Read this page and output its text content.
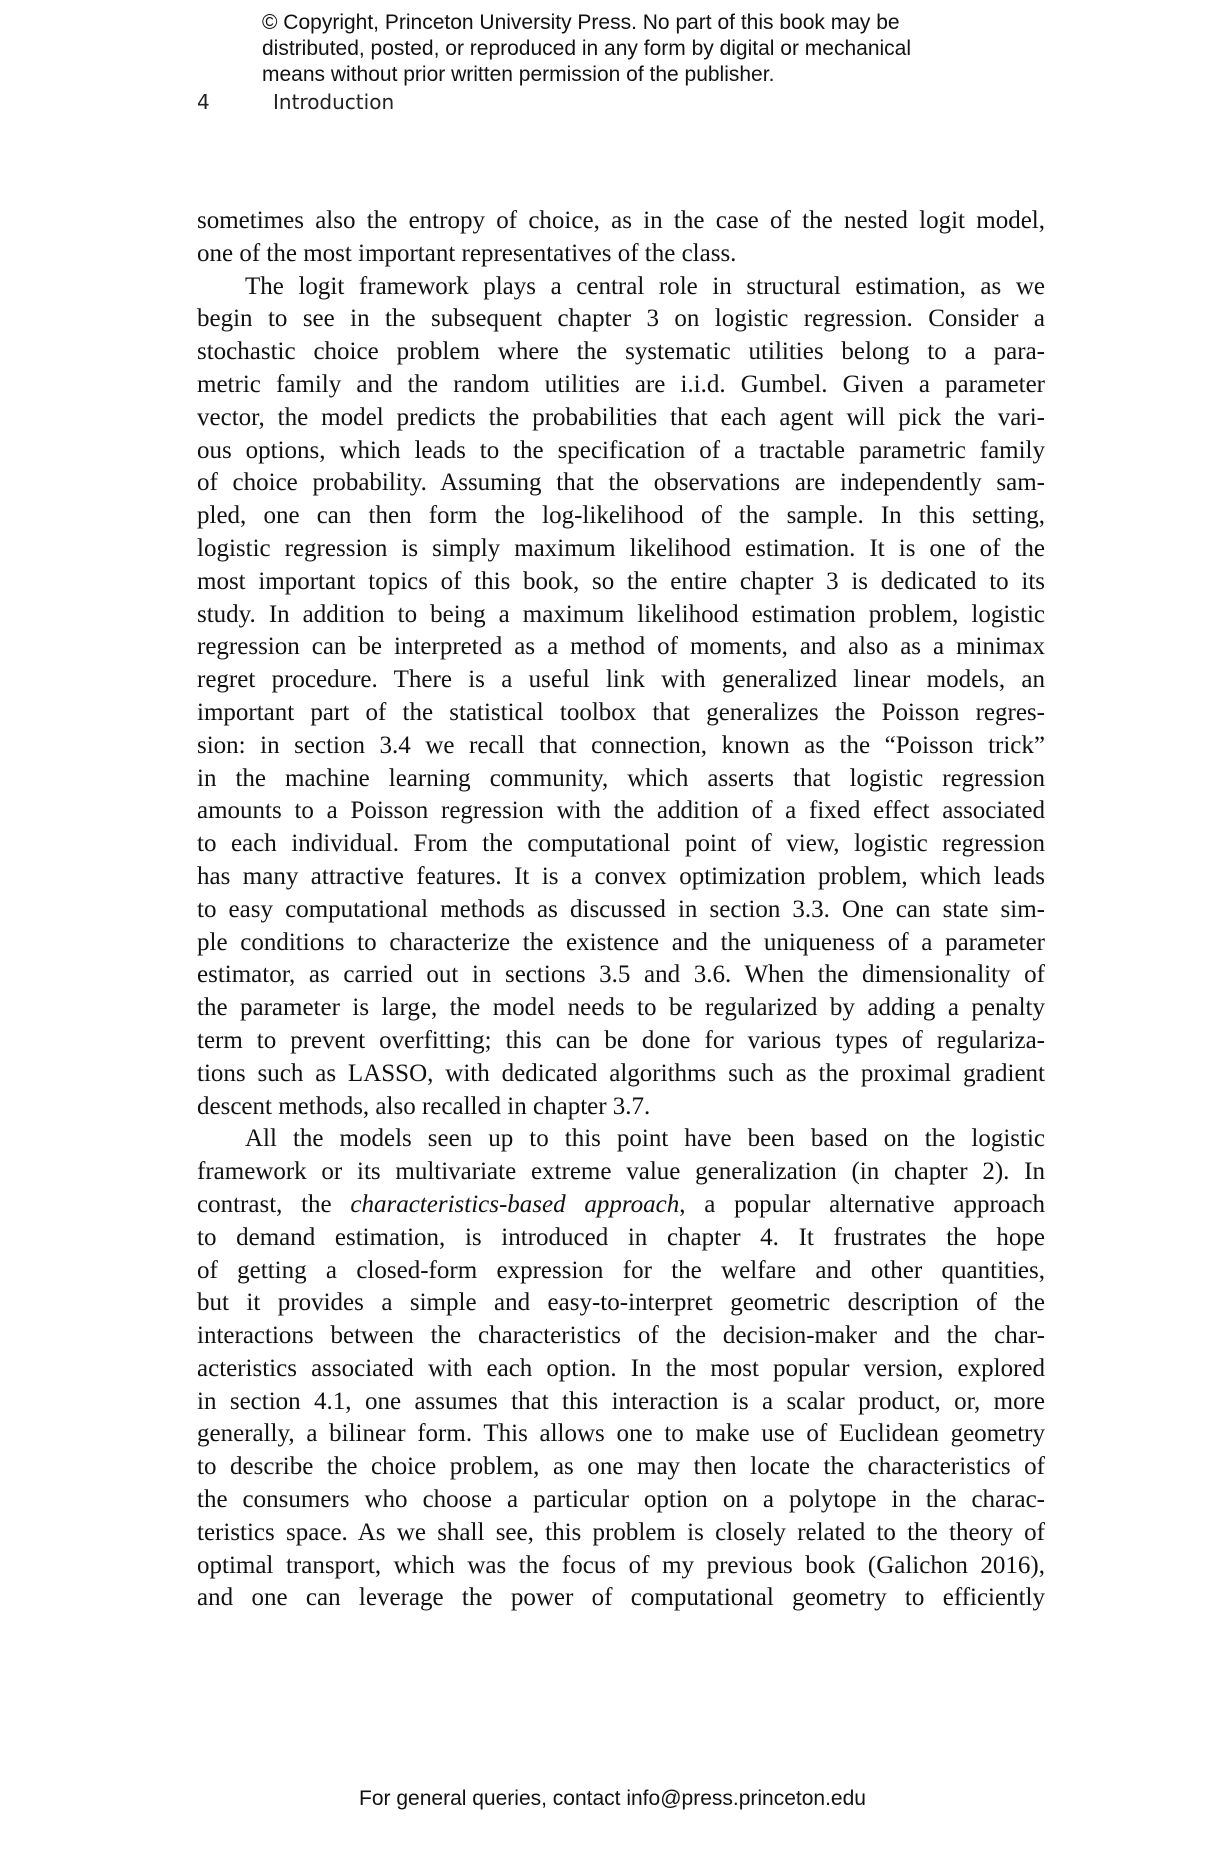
© Copyright, Princeton University Press. No part of this book may be
distributed, posted, or reproduced in any form by digital or mechanical
means without prior written permission of the publisher.
4	Introduction
sometimes also the entropy of choice, as in the case of the nested logit model,
one of the most important representatives of the class.
The logit framework plays a central role in structural estimation, as we
begin to see in the subsequent chapter 3 on logistic regression. Consider a
stochastic choice problem where the systematic utilities belong to a para-
metric family and the random utilities are i.i.d. Gumbel. Given a parameter
vector, the model predicts the probabilities that each agent will pick the vari-
ous options, which leads to the specification of a tractable parametric family
of choice probability. Assuming that the observations are independently sam-
pled, one can then form the log-likelihood of the sample. In this setting,
logistic regression is simply maximum likelihood estimation. It is one of the
most important topics of this book, so the entire chapter 3 is dedicated to its
study. In addition to being a maximum likelihood estimation problem, logistic
regression can be interpreted as a method of moments, and also as a minimax
regret procedure. There is a useful link with generalized linear models, an
important part of the statistical toolbox that generalizes the Poisson regres-
sion: in section 3.4 we recall that connection, known as the “Poisson trick”
in the machine learning community, which asserts that logistic regression
amounts to a Poisson regression with the addition of a fixed effect associated
to each individual. From the computational point of view, logistic regression
has many attractive features. It is a convex optimization problem, which leads
to easy computational methods as discussed in section 3.3. One can state sim-
ple conditions to characterize the existence and the uniqueness of a parameter
estimator, as carried out in sections 3.5 and 3.6. When the dimensionality of
the parameter is large, the model needs to be regularized by adding a penalty
term to prevent overfitting; this can be done for various types of regulariza-
tions such as LASSO, with dedicated algorithms such as the proximal gradient
descent methods, also recalled in chapter 3.7.
All the models seen up to this point have been based on the logistic
framework or its multivariate extreme value generalization (in chapter 2). In
contrast, the characteristics-based approach, a popular alternative approach
to demand estimation, is introduced in chapter 4. It frustrates the hope
of getting a closed-form expression for the welfare and other quantities,
but it provides a simple and easy-to-interpret geometric description of the
interactions between the characteristics of the decision-maker and the char-
acteristics associated with each option. In the most popular version, explored
in section 4.1, one assumes that this interaction is a scalar product, or, more
generally, a bilinear form. This allows one to make use of Euclidean geometry
to describe the choice problem, as one may then locate the characteristics of
the consumers who choose a particular option on a polytope in the charac-
teristics space. As we shall see, this problem is closely related to the theory of
optimal transport, which was the focus of my previous book (Galichon 2016),
and one can leverage the power of computational geometry to efficiently
For general queries, contact info@press.princeton.edu
